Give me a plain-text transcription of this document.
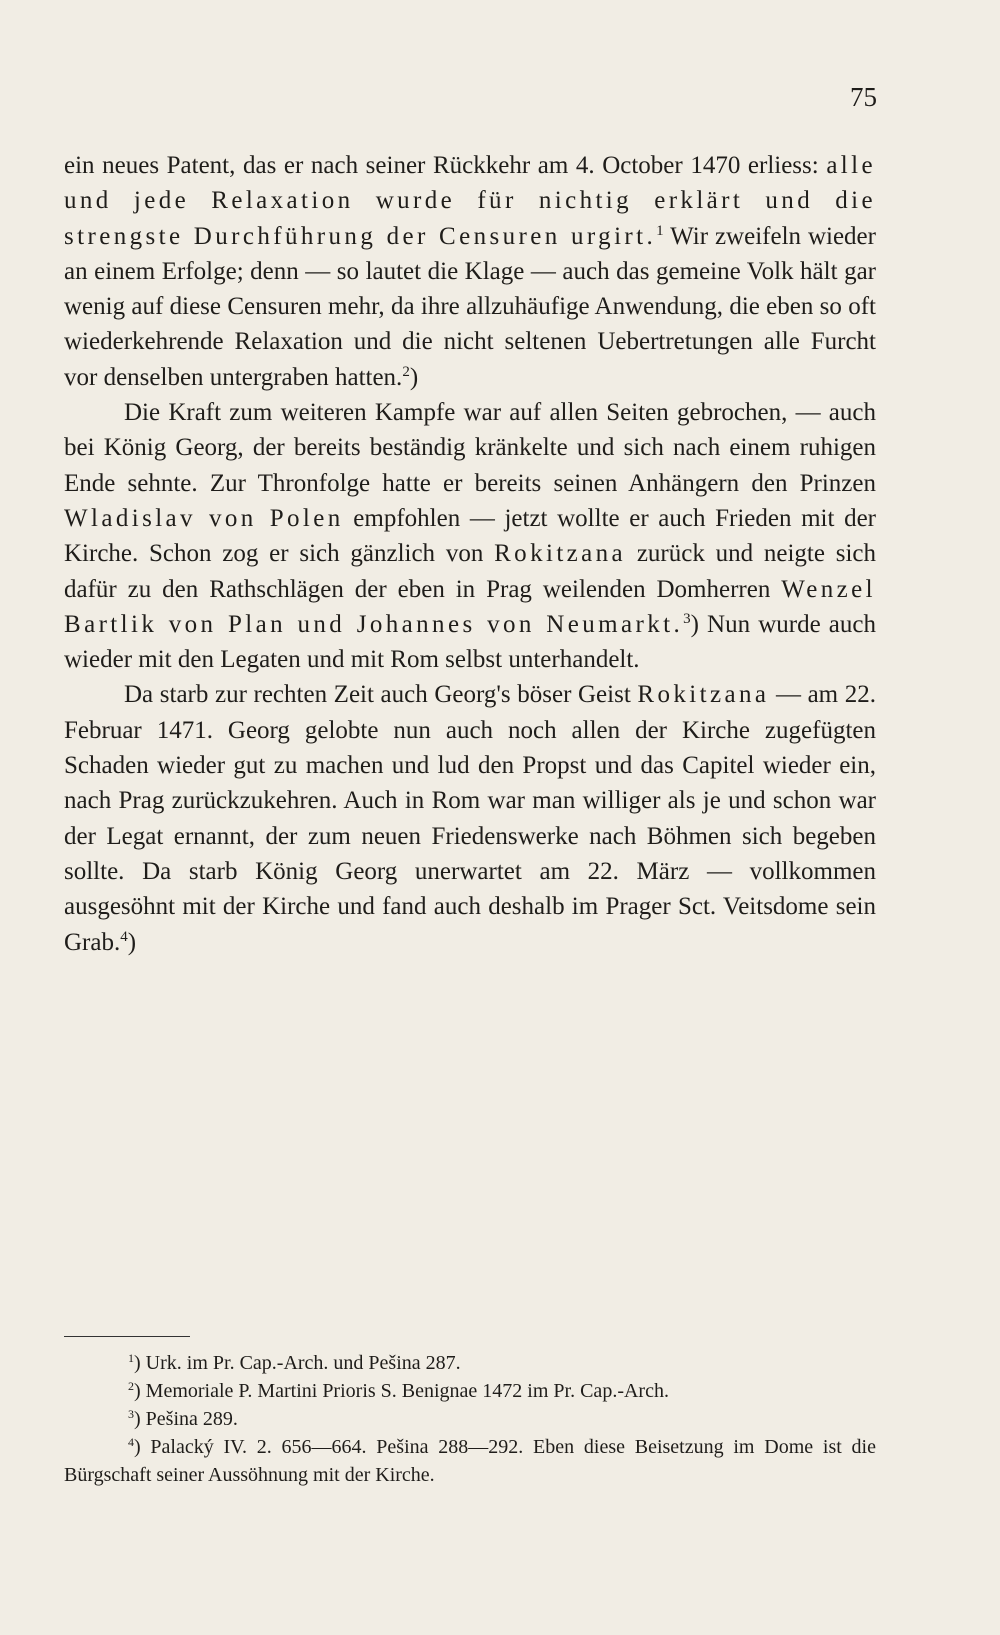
75

ein neues Patent, das er nach seiner Rückkehr am 4. October 1470 erliess: alle und jede Relaxation wurde für nichtig erklärt und die strengste Durchführung der Censuren urgirt.$^1$ Wir zweifeln wieder an einem Erfolge; denn — so lautet die Klage — auch das gemeine Volk hält gar wenig auf diese Censuren mehr, da ihre allzuhäufige Anwendung, die eben so oft wiederkehrende Relaxation und die nicht seltenen Uebertretungen alle Furcht vor denselben untergraben hatten.$^2$)

Die Kraft zum weiteren Kampfe war auf allen Seiten gebrochen, — auch bei König Georg, der bereits beständig kränkelte und sich nach einem ruhigen Ende sehnte. Zur Thronfolge hatte er bereits seinen Anhängern den Prinzen Wladislav von Polen empfohlen — jetzt wollte er auch Frieden mit der Kirche. Schon zog er sich gänzlich von Rokitzana zurück und neigte sich dafür zu den Rathschlägen der eben in Prag weilenden Domherren Wenzel Bartlik von Plan und Johannes von Neumarkt.$^3$) Nun wurde auch wieder mit den Legaten und mit Rom selbst unterhandelt.

Da starb zur rechten Zeit auch Georg's böser Geist Rokitzana — am 22. Februar 1471. Georg gelobte nun auch noch allen der Kirche zugefügten Schaden wieder gut zu machen und lud den Propst und das Capitel wieder ein, nach Prag zurückzukehren. Auch in Rom war man williger als je und schon war der Legat ernannt, der zum neuen Friedenswerke nach Böhmen sich begeben sollte. Da starb König Georg unerwartet am 22. März — vollkommen ausgesöhnt mit der Kirche und fand auch deshalb im Prager Sct. Veitsdome sein Grab.$^4$)

$^1$) Urk. im Pr. Cap.-Arch. und Pešina 287.

$^2$) Memoriale P. Martini Prioris S. Benignae 1472 im Pr. Cap.-Arch.

$^3$) Pešina 289.

$^4$) Palacký IV. 2. 656—664. Pešina 288—292. Eben diese Beisetzung im Dome ist die Bürgschaft seiner Aussöhnung mit der Kirche.
